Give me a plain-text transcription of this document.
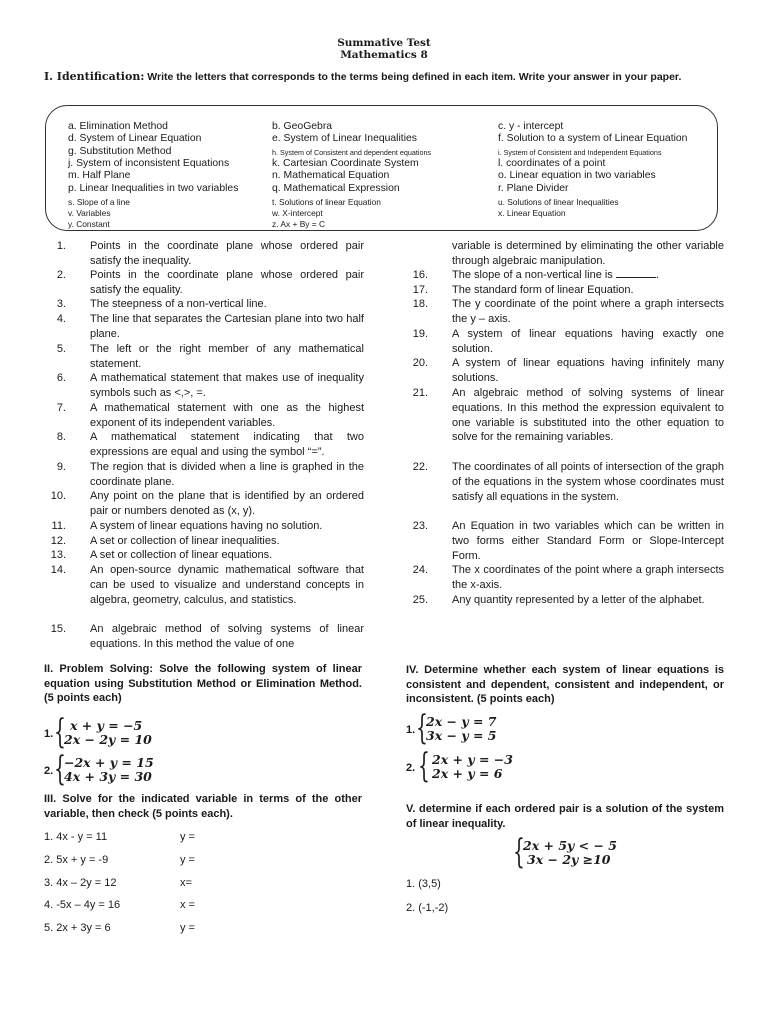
Summative Test
Mathematics 8
I. Identification: Write the letters that corresponds to the terms being defined in each item. Write your answer in your paper.
a. Elimination Method
d. System of Linear Equation
g. Substitution Method
j. System of inconsistent Equations
m. Half Plane
p. Linear Inequalities in two variables
s. Slope of a line
v. Variables
y. Constant
b. GeoGebra
e. System of Linear Inequalities
h. System of Consistent and dependent equations
k. Cartesian Coordinate System
n. Mathematical Equation
q. Mathematical Expression
t. Solutions of linear Equation
w. X-intercept
z. Ax + By = C
c. y - intercept
f. Solution to a system of Linear Equation
i. System of Consistent and Independent Equations
l. coordinates of a point
o. Linear equation in two variables
r. Plane Divider
u. Solutions of linear Inequalities
x. Linear Equation
1. Points in the coordinate plane whose ordered pair satisfy the inequality.
2. Points in the coordinate plane whose ordered pair satisfy the equality.
3. The steepness of a non-vertical line.
4. The line that separates the Cartesian plane into two half plane.
5. The left or the right member of any mathematical statement.
6. A mathematical statement that makes use of inequality symbols such as <,>, =.
7. A mathematical statement with one as the highest exponent of its independent variables.
8. A mathematical statement indicating that two expressions are equal and using the symbol “=”.
9. The region that is divided when a line is graphed in the coordinate plane.
10. Any point on the plane that is identified by an ordered pair or numbers denoted as (x, y).
11. A system of linear equations having no solution.
12. A set or collection of linear inequalities.
13. A set or collection of linear equations.
14. An open-source dynamic mathematical software that can be used to visualize and understand concepts in algebra, geometry, calculus, and statistics.
15. An algebraic method of solving systems of linear equations. In this method the value of one
variable is determined by eliminating the other variable through algebraic manipulation.
16. The slope of a non-vertical line is	.
17. The standard form of linear Equation.
18. The y coordinate of the point where a graph intersects the y – axis.
19. A system of linear equations having exactly one solution.
20. A system of linear equations having infinitely many solutions.
21. An algebraic method of solving systems of linear equations. In this method the expression equivalent to one variable is substituted into the other equation to solve for the remaining variables.
22. The coordinates of all points of intersection of the graph of the equations in the system whose coordinates must satisfy all equations in the system.
23. An Equation in two variables which can be written in two forms either Standard Form or Slope-Intercept Form.
24. The x coordinates of the point where a graph intersects the x-axis.
25. Any quantity represented by a letter of the alphabet.
II. Problem Solving: Solve the following system of linear equation using Substitution Method or Elimination Method. (5 points each)
1. { x + y = −5
2x − 2y = 10
2. {
−2x + y = 15
4x + 3y = 30
III. Solve for the indicated variable in terms of the other variable, then check (5 points each).
1. 4x - y = 11	y =
2. 5x + y = -9	y =
3. 4x – 2y = 12	x=
4. -5x – 4y = 16	x =
5. 2x + 3y = 6	y =
IV. Determine whether each system of linear equations is consistent and dependent, consistent and independent, or inconsistent. (5 points each)
1. {
2x − y = 7
3x − y = 5
2. { 2x + y = −3
2x + y = 6
V. determine if each ordered pair is a solution of the system of linear inequality.
{
2x + 5y < − 5
3x − 2y ≥10
1. (3,5)
2. (-1,-2)
